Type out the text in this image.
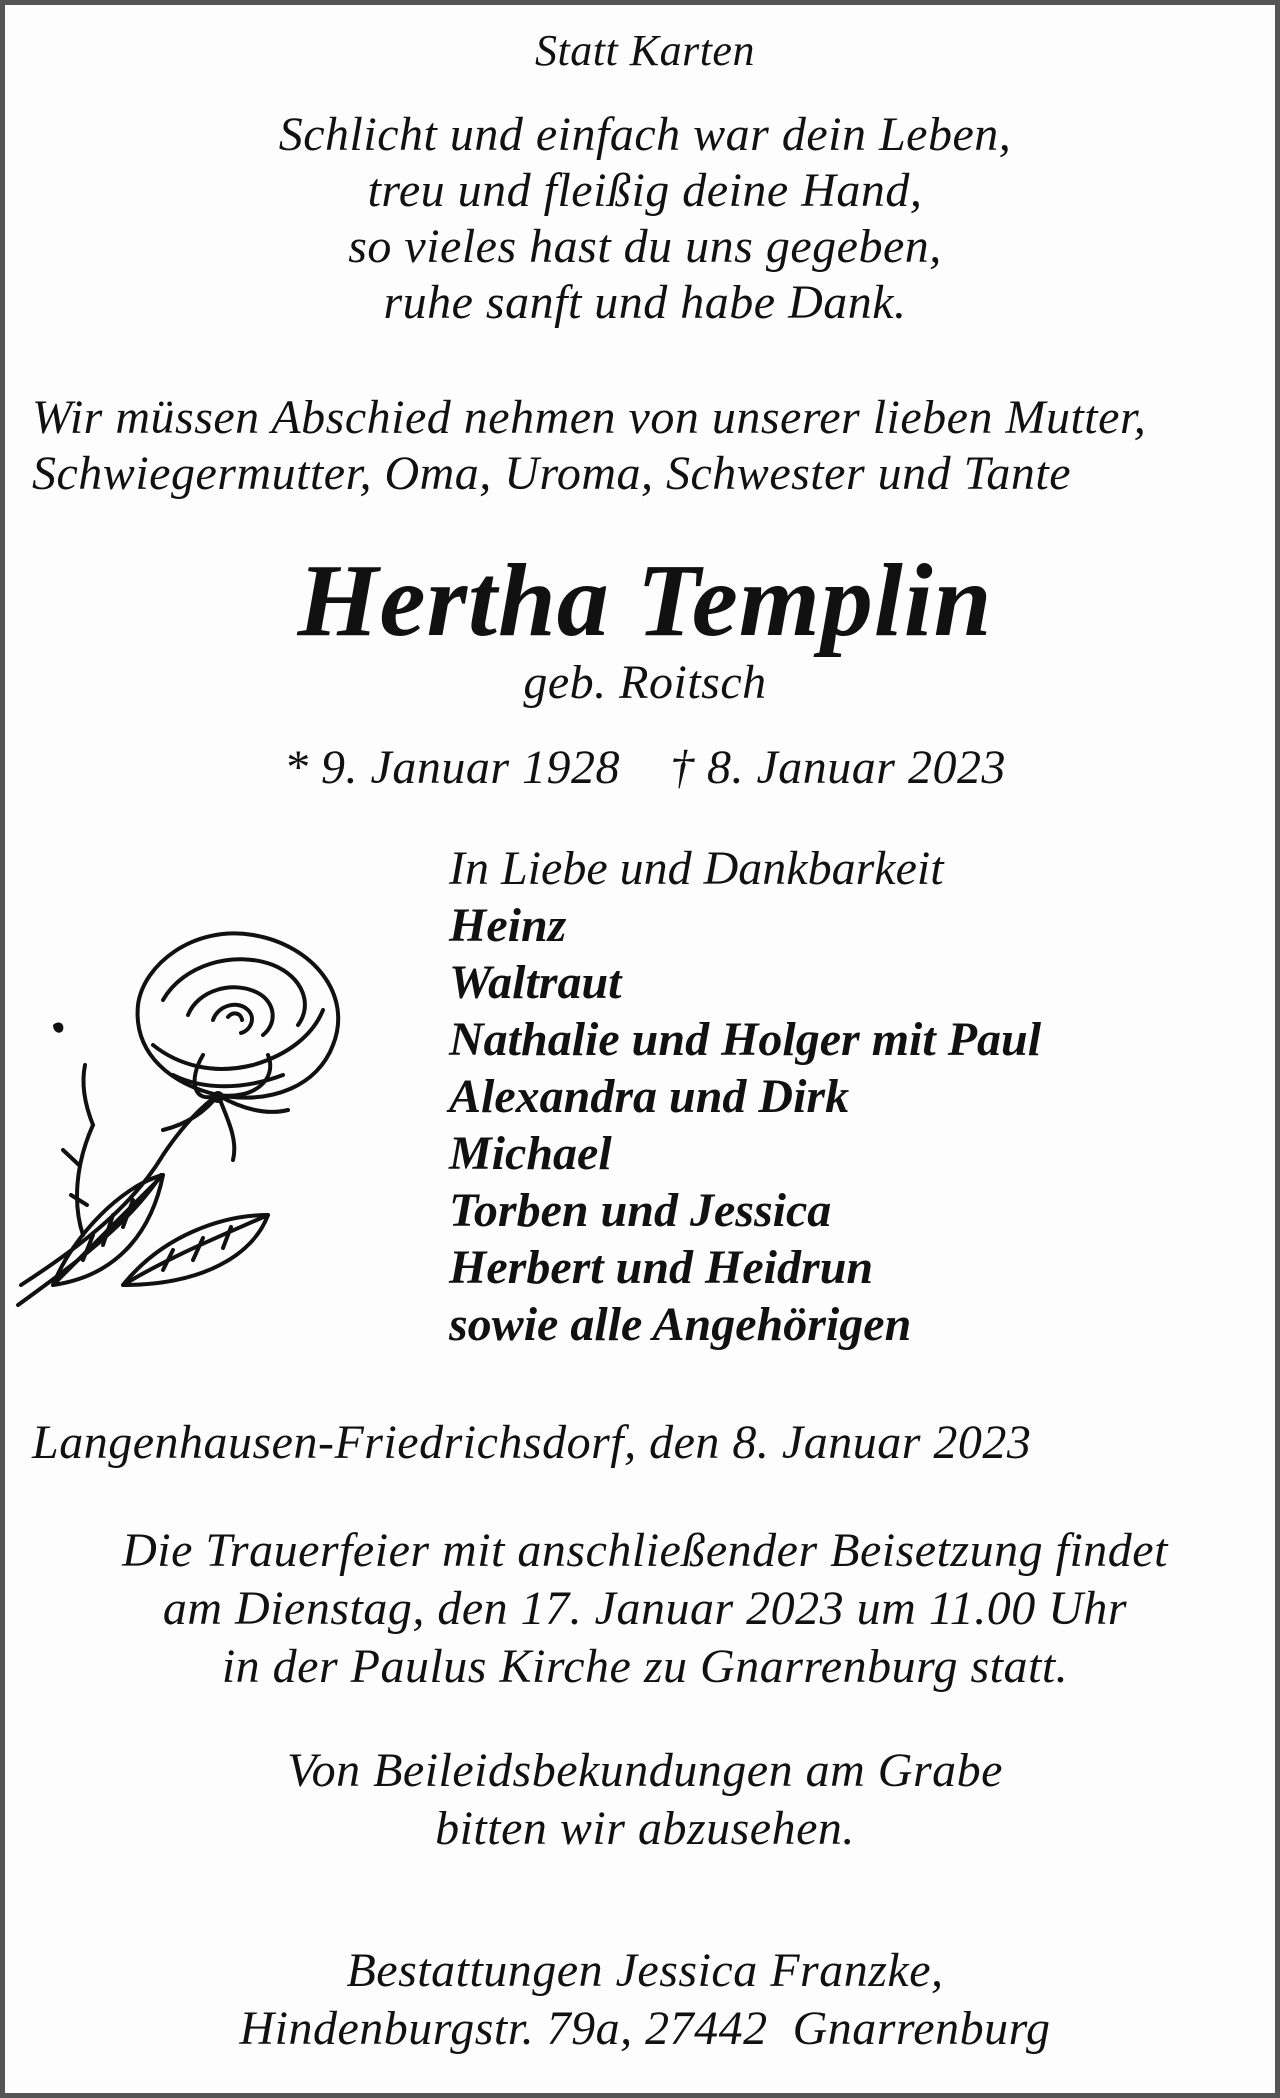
Statt Karten
Schlicht und einfach war dein Leben,
treu und fleißig deine Hand,
so vieles hast du uns gegeben,
ruhe sanft und habe Dank.
Wir müssen Abschied nehmen von unserer lieben Mutter,
Schwiegermutter, Oma, Uroma, Schwester und Tante
Hertha Templin
geb. Roitsch
* 9. Januar 1928    † 8. Januar 2023
In Liebe und Dankbarkeit
Heinz
Waltraut
Nathalie und Holger mit Paul
Alexandra und Dirk
Michael
Torben und Jessica
Herbert und Heidrun
sowie alle Angehörigen
Langenhausen-Friedrichsdorf, den 8. Januar 2023
Die Trauerfeier mit anschließender Beisetzung findet
am Dienstag, den 17. Januar 2023 um 11.00 Uhr
in der Paulus Kirche zu Gnarrenburg statt.
Von Beileidsbekundungen am Grabe
bitten wir abzusehen.
Bestattungen Jessica Franzke,
Hindenburgstr. 79a, 27442  Gnarrenburg
